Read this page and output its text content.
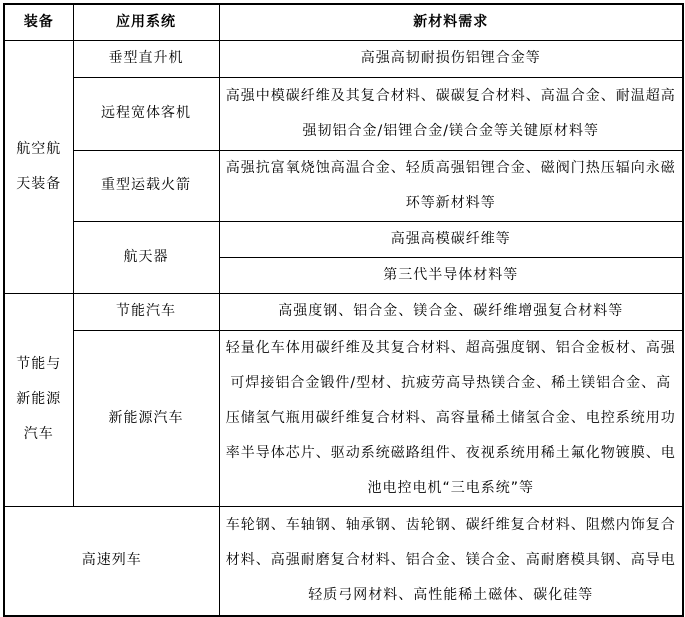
装备	应用系统	新材料需求
航空航天装备	垂型直升机	高强高韧耐损伤铝锂合金等
	远程宽体客机	高强中模碳纤维及其复合材料、碳碳复合材料、高温合金、耐温超高强韧铝合金/铝锂合金/镁合金等关键原材料等
	重型运载火箭	高强抗富氧烧蚀高温合金、轻质高强铝锂合金、磁阀门热压辐向永磁环等新材料等
	航天器	高强高模碳纤维等
		第三代半导体材料等
节能与新能源汽车	节能汽车	高强度钢、铝合金、镁合金、碳纤维增强复合材料等
	新能源汽车	轻量化车体用碳纤维及其复合材料、超高强度钢、铝合金板材、高强可焊接铝合金锻件/型材、抗疲劳高导热镁合金、稀土镁铝合金、高压储氢气瓶用碳纤维复合材料、高容量稀土储氢合金、电控系统用功率半导体芯片、驱动系统磁路组件、夜视系统用稀土氟化物镀膜、电池电控电机“三电系统”等
高速列车		车轮钢、车轴钢、轴承钢、齿轮钢、碳纤维复合材料、阻燃内饰复合材料、高强耐磨复合材料、铝合金、镁合金、高耐磨模具钢、高导电轻质弓网材料、高性能稀土磁体、碳化硅等
